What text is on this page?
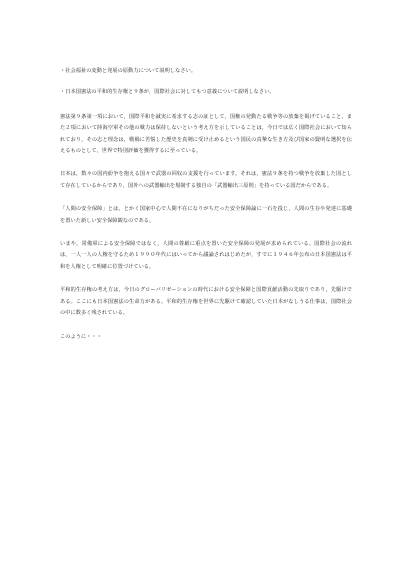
・社会福祉の変動と発展の原動力について説明しなさい。

・日本国憲法の平和的生存権と９条が，国際社会に対してもつ意義について説明しなさい。

憲法第９条第一項において，国際平和を誠実に希求する志の証として，国権の発動たる戦争等の放棄を掲げていること，また２項において陸海空軍その他の戦力は保持しないという考え方を示していることは，今日では広く国際社会において知られており，その志と理念は，戦禍に苦悩した歴史を真剣に受け止めるという国民の真摯な生き方及び国家の賢明な選択を伝えるものとして，世界で特別評価を獲得するに至っている。

日本は，数々の国内紛争を抱える国々で武器の回収の支援を行っています。それは，憲法９条を持つ戦争を放棄した国として存在しているからであり，国外への武器輸出を規制する独自の「武器輸出三原則」を持っている国だからである。

「人間の安全保障」とは，とかく国家中心で人間不在になりがちだった安全保障論に一石を投じ，人間の生存や発達に基礎を置いた新しい安全保障観なのである。

いまや，常備軍による安全保障ではなく，人間の尊厳に重点を置いた安全保障の発展が求められている。国際社会の流れは，一人一人の人権を守るため１９９０年代にはいってから議論されはじめたが，すでに１９４６年公布の日本国憲法は平和を人権として明確に位置づけている。

平和的生存権の考え方は，今日のグローバリゼーションの時代における安全保障と国際貢献活動の先取りであり，先駆けである。ここにも日本国憲法の生命力がある。平和的生存権を世界に先駆けて確認していた日本がなしうる仕事は，国際社会の中に数多く残されている。

このように・・・
